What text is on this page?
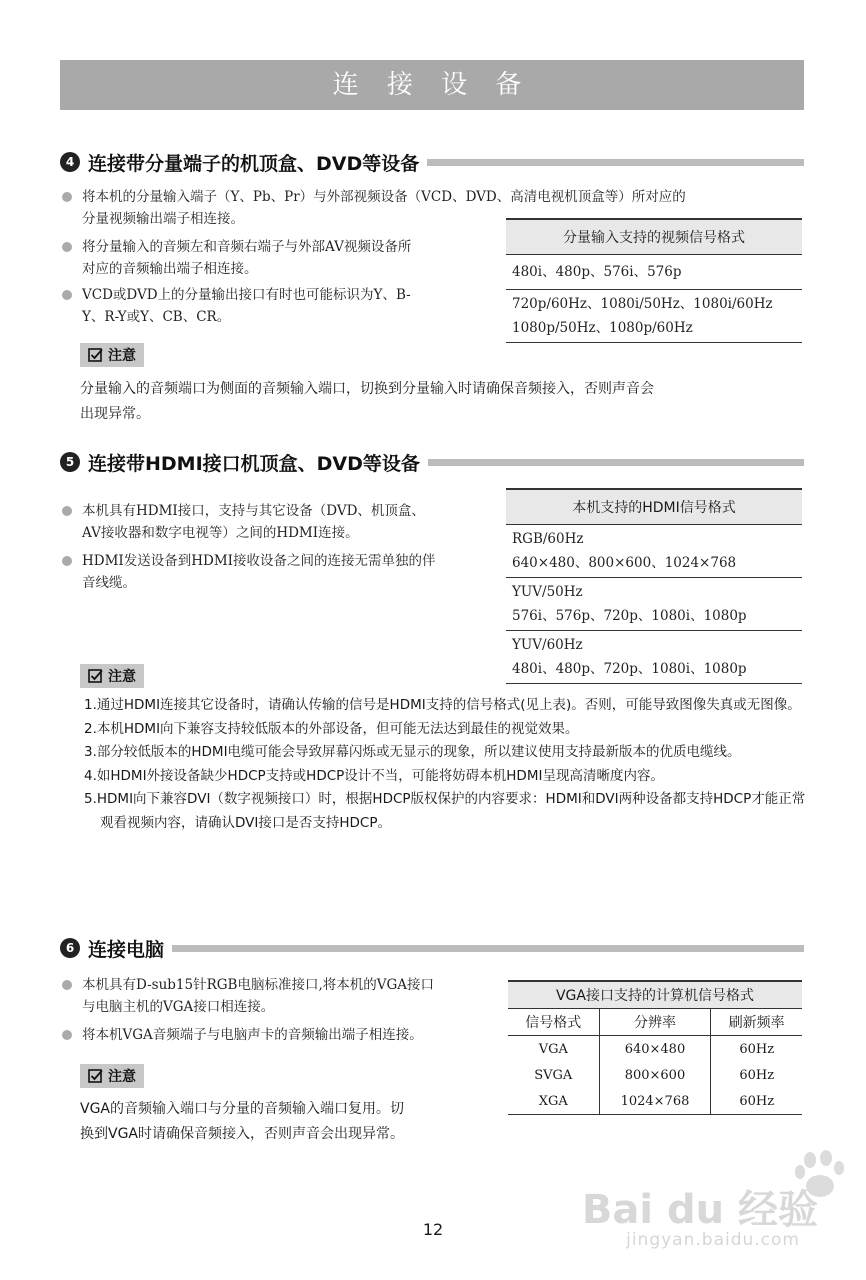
连 接 设 备
4 连接带分量端子的机顶盒、DVD等设备
将本机的分量输入端子（Y、Pb、Pr）与外部视频设备（VCD、DVD、高清电视机顶盒等）所对应的
分量视频输出端子相连接。
将分量输入的音频左和音频右端子与外部AV视频设备所
对应的音频输出端子相连接。
VCD或DVD上的分量输出接口有时也可能标识为Y、B-
Y、R-Y或Y、CB、CR。
分量输入支持的视频信号格式
480i、480p、576i、576p

720p/60Hz、1080i/50Hz、1080i/60Hz
1080p/50Hz、1080p/60Hz
注意
分量输入的音频端口为侧面的音频输入端口，切换到分量输入时请确保音频接入，否则声音会
出现异常。
5 连接带HDMI接口机顶盒、DVD等设备
本机具有HDMI接口，支持与其它设备（DVD、机顶盒、
AV接收器和数字电视等）之间的HDMI连接。
HDMI发送设备到HDMI接收设备之间的连接无需单独的伴
音线缆。
本机支持的HDMI信号格式

RGB/60Hz
640×480、800×600、1024×768

YUV/50Hz
576i、576p、720p、1080i、1080p

YUV/60Hz
480i、480p、720p、1080i、1080p
注意
1.通过HDMI连接其它设备时，请确认传输的信号是HDMI支持的信号格式(见上表)。否则，可能导致图像失真或无图像。
2.本机HDMI向下兼容支持较低版本的外部设备，但可能无法达到最佳的视觉效果。
3.部分较低版本的HDMI电缆可能会导致屏幕闪烁或无显示的现象，所以建议使用支持最新版本的优质电缆线。
4.如HDMI外接设备缺少HDCP支持或HDCP设计不当，可能将妨碍本机HDMI呈现高清晰度内容。
5.HDMI向下兼容DVI（数字视频接口）时，根据HDCP版权保护的内容要求：HDMI和DVI两种设备都支持HDCP才能正常观看视频内容，请确认DVI接口是否支持HDCP。
6 连接电脑
本机具有D-sub15针RGB电脑标准接口,将本机的VGA接口
与电脑主机的VGA接口相连接。
将本机VGA音频端子与电脑声卡的音频输出端子相连接。
注意
VGA的音频输入端口与分量的音频输入端口复用。切
换到VGA时请确保音频接入，否则声音会出现异常。
VGA接口支持的计算机信号格式		
信号格式	分辨率	刷新频率
VGA	640×480	60Hz
SVGA	800×600	60Hz
XGA	1024×768	60Hz
Bai du 经验
jingyan.baidu.com
12
